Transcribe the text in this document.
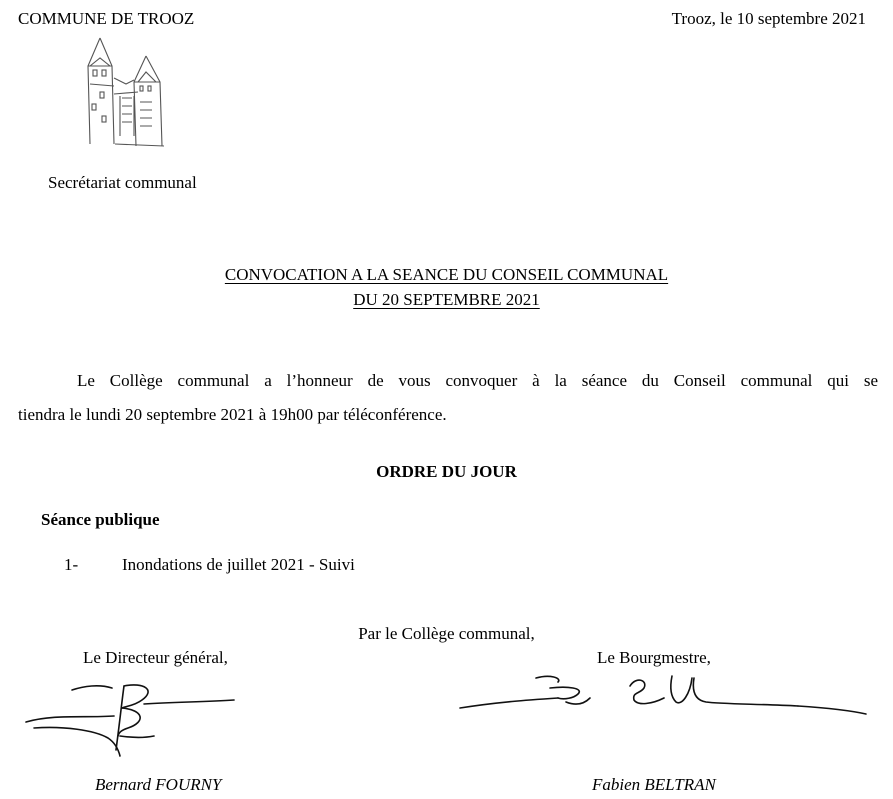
COMMUNE DE TROOZ	Trooz, le 10 septembre 2021
Secrétariat communal
CONVOCATION A LA SEANCE DU CONSEIL COMMUNAL
DU 20 SEPTEMBRE 2021
Le Collège communal a l’honneur de vous convoquer à la séance du Conseil communal qui se
tiendra le lundi 20 septembre 2021 à 19h00 par téléconférence.
ORDRE DU JOUR
Séance publique
1-	Inondations de juillet 2021 - Suivi
Par le Collège communal,
Le Directeur général,	Le Bourgmestre,
Bernard FOURNY	Fabien BELTRAN
